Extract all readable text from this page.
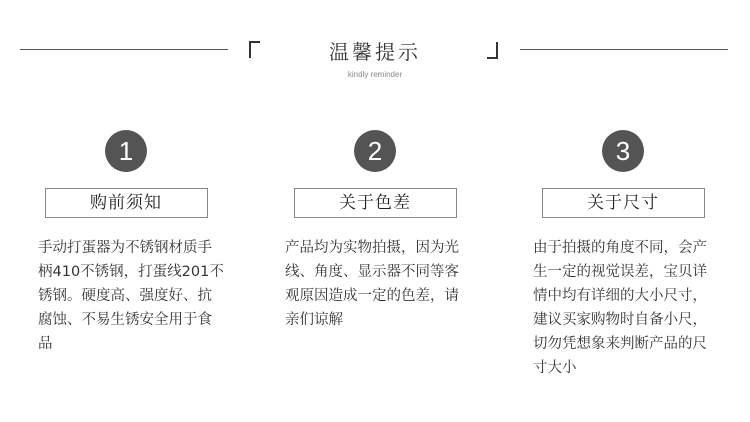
温馨提示
kindly reminder
1
购前须知
手动打蛋器为不锈钢材质手柄410不锈钢，打蛋线201不锈钢。硬度高、强度好、抗腐蚀、不易生锈安全用于食品
2
关于色差
产品均为实物拍摄，因为光线、角度、显示器不同等客观原因造成一定的色差，请亲们谅解
3
关于尺寸
由于拍摄的角度不同，会产生一定的视觉误差，宝贝详情中均有详细的大小尺寸，建议买家购物时自备小尺，切勿凭想象来判断产品的尺寸大小
